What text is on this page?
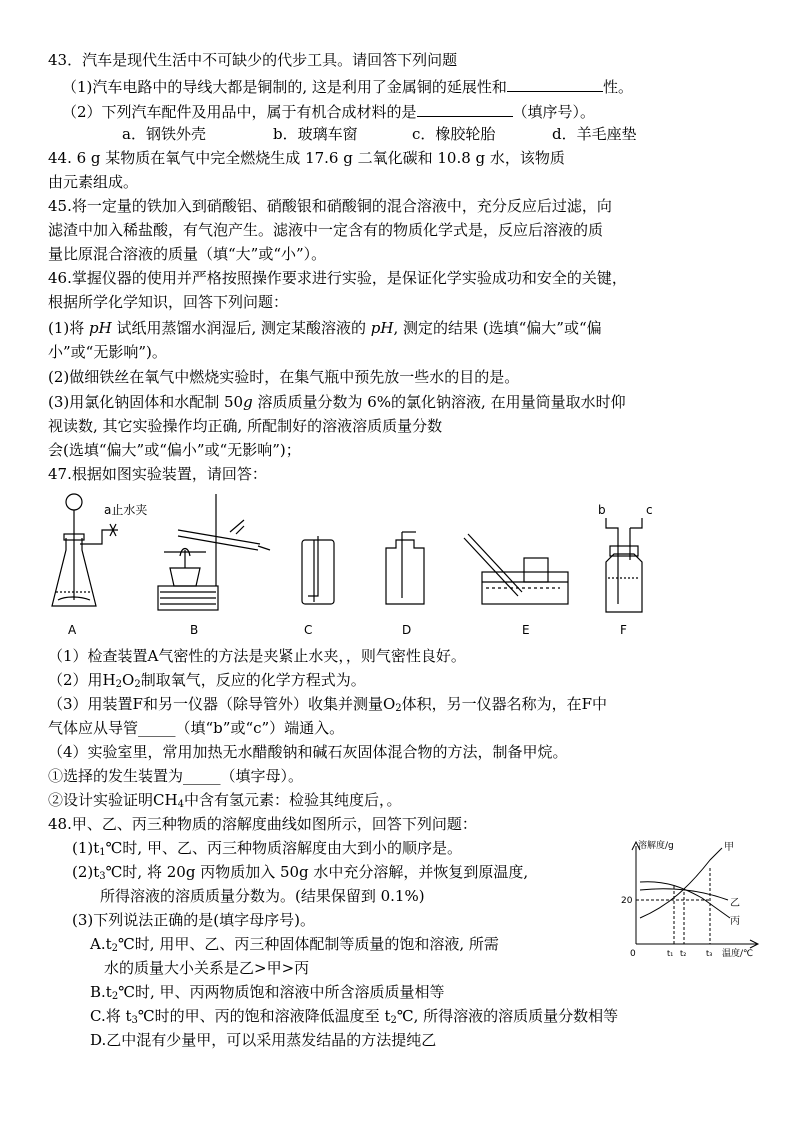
43．汽车是现代生活中不可缺少的代步工具。请回答下列问题
（1)汽车电路中的导线大都是铜制的, 这是利用了金属铜的延展性和	性。
（2）下列汽车配件及用品中，属于有机合成材料的是	（填序号）。
a．钢铁外壳	b．玻璃车窗	c．橡胶轮胎	d．羊毛座垫
44. 6 g 某物质在氧气中完全燃烧生成 17.6 g 二氧化碳和 10.8 g 水，该物质
由元素组成。
45.将一定量的铁加入到硝酸铝、硝酸银和硝酸铜的混合溶液中，充分反应后过滤，向
滤渣中加入稀盐酸，有气泡产生。滤液中一定含有的物质化学式是，反应后溶液的质
量比原混合溶液的质量（填“大”或“小”）。
46.掌握仪器的使用并严格按照操作要求进行实验，是保证化学实验成功和安全的关键，
根据所学化学知识，回答下列问题：
(1)将 pH 试纸用蒸馏水润湿后, 测定某酸溶液的 pH, 测定的结果 (选填“偏大”或“偏
小”或“无影响”)。
(2)做细铁丝在氧气中燃烧实验时，在集气瓶中预先放一些水的目的是。
(3)用氯化钠固体和水配制 50g 溶质质量分数为 6%的氯化钠溶液, 在用量筒量取水时仰
视读数, 其它实验操作均正确, 所配制好的溶液溶质质量分数
会(选填“偏大”或“偏小”或“无影响”)；
47.根据如图实验装置，请回答：
a止水夹
A	B	C	D	E	F
b	c
（1）检查装置A气密性的方法是夹紧止水夹，，则气密性良好。
（2）用$H_2O_2$制取氧气，反应的化学方程式为。
（3）用装置F和另一仪器（除导管外）收集并测量$O_2$体积，另一仪器名称为，在F中
气体应从导管_____（填“b”或“c”）端通入。
（4）实验室里，常用加热无水醋酸钠和碱石灰固体混合物的方法，制备甲烷。
①选择的发生装置为_____（填字母）。
②设计实验证明$CH_4$中含有氢元素：检验其纯度后，。
48.甲、乙、丙三种物质的溶解度曲线如图所示，回答下列问题：
$(1)t_1℃$时, 甲、乙、丙三种物质溶解度由大到小的顺序是。
$(2)t_3℃$时, 将 20g 丙物质加入 50g 水中充分溶解，并恢复到原温度,
所得溶液的溶质质量分数为。(结果保留到 0.1%)
(3)下列说法正确的是(填字母序号)。
$A.t_2℃$时, 用甲、乙、丙三种固体配制等质量的饱和溶液, 所需
水的质量大小关系是乙>甲>丙
$B.t_2℃$时, 甲、丙两物质饱和溶液中所含溶质质量相等
C.将 $t_3℃$时的甲、丙的饱和溶液降低温度至 $t_2℃$, 所得溶液的溶质质量分数相等
D.乙中混有少量甲，可以采用蒸发结晶的方法提纯乙
溶解度/g
温度/℃
0
20
t₁ t₂ t₃
甲
乙
丙
